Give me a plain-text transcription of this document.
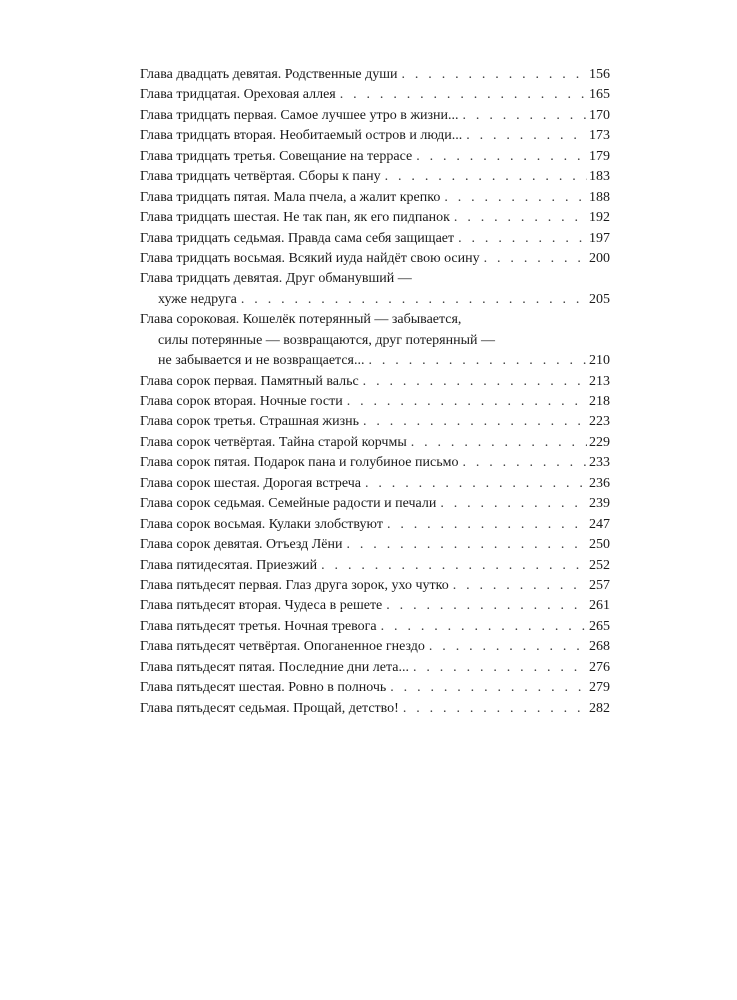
Глава двадцать девятая. Родственные души . . .	156
Глава тридцатая. Ореховая аллея . . .	165
Глава тридцать первая. Самое лучшее утро в жизни... . . .	170
Глава тридцать вторая. Необитаемый остров и люди... . . .	173
Глава тридцать третья. Совещание на террасе . . .	179
Глава тридцать четвёртая. Сборы к пану . . .	183
Глава тридцать пятая. Мала пчела, а жалит крепко . . .	188
Глава тридцать шестая. Не так пан, як его пидпанок . . .	192
Глава тридцать седьмая. Правда сама себя защищает . . .	197
Глава тридцать восьмая. Всякий иуда найдёт свою осину . . .	200
Глава тридцать девятая. Друг обманувший —
хуже недруга . . .	205
Глава сороковая. Кошелёк потерянный — забывается,
силы потерянные — возвращаются, друг потерянный —
не забывается и не возвращается... . . .	210
Глава сорок первая. Памятный вальс . . .	213
Глава сорок вторая. Ночные гости . . .	218
Глава сорок третья. Страшная жизнь . . .	223
Глава сорок четвёртая. Тайна старой корчмы . . .	229
Глава сорок пятая. Подарок пана и голубиное письмо . . .	233
Глава сорок шестая. Дорогая встреча . . .	236
Глава сорок седьмая. Семейные радости и печали . . .	239
Глава сорок восьмая. Кулаки злобствуют . . .	247
Глава сорок девятая. Отъезд Лёни . . .	250
Глава пятидесятая. Приезжий . . .	252
Глава пятьдесят первая. Глаз друга зорок, ухо чутко . . .	257
Глава пятьдесят вторая. Чудеса в решете . . .	261
Глава пятьдесят третья. Ночная тревога . . .	265
Глава пятьдесят четвёртая. Опоганенное гнездо . . .	268
Глава пятьдесят пятая. Последние дни лета... . . .	276
Глава пятьдесят шестая. Ровно в полночь . . .	279
Глава пятьдесят седьмая. Прощай, детство! . . .	282
